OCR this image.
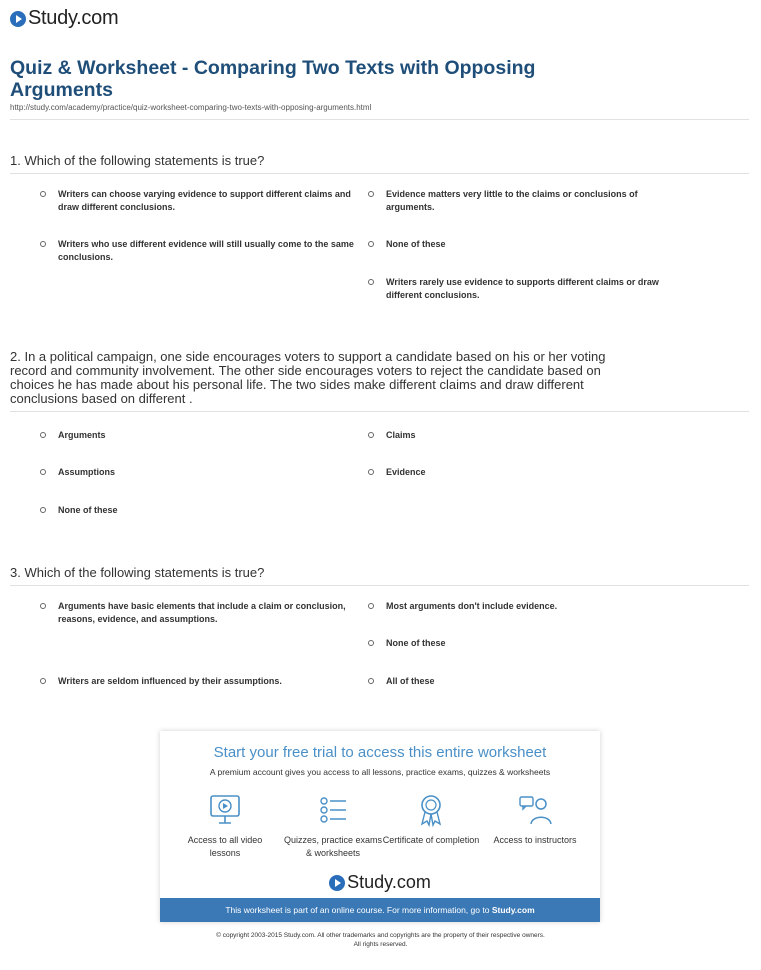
Study.com
Quiz & Worksheet - Comparing Two Texts with Opposing Arguments
http://study.com/academy/practice/quiz-worksheet-comparing-two-texts-with-opposing-arguments.html

1. Which of the following statements is true?

Writers can choose varying evidence to support different claims and draw different conclusions.
Evidence matters very little to the claims or conclusions of arguments.
Writers who use different evidence will still usually come to the same conclusions.
None of these
Writers rarely use evidence to supports different claims or draw different conclusions.

2. In a political campaign, one side encourages voters to support a candidate based on his or her voting record and community involvement. The other side encourages voters to reject the candidate based on choices he has made about his personal life. The two sides make different claims and draw different conclusions based on different .

Arguments	Claims
Assumptions	Evidence
None of these

3. Which of the following statements is true?

Arguments have basic elements that include a claim or conclusion, reasons, evidence, and assumptions.
Most arguments don't include evidence.
None of these
Writers are seldom influenced by their assumptions.	All of these
Start your free trial to access this entire worksheet
A premium account gives you access to all lessons, practice exams, quizzes & worksheets
Access to all video lessons
Quizzes, practice exams & worksheets
Certificate of completion	Access to instructors
Study.com
This worksheet is part of an online course. For more information, go to Study.com
© copyright 2003-2015 Study.com. All other trademarks and copyrights are the property of their respective owners.
All rights reserved.
